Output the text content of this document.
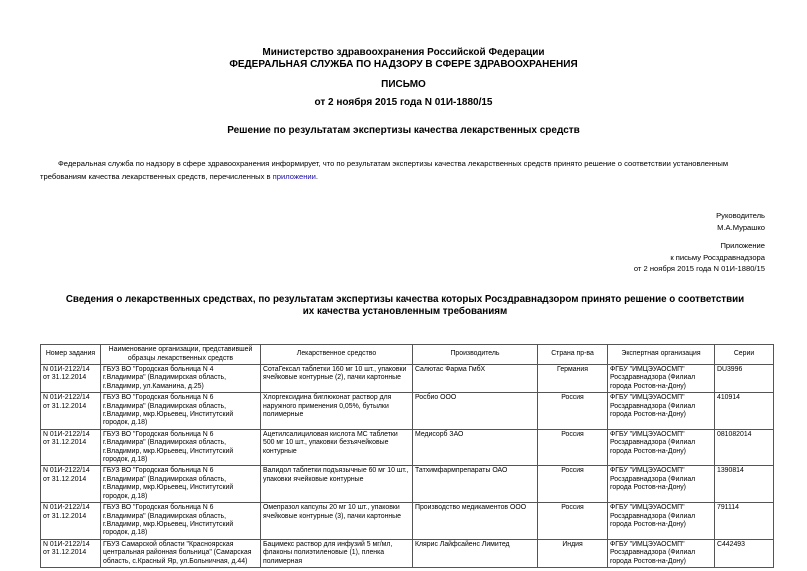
Министерство здравоохранения Российской Федерации
ФЕДЕРАЛЬНАЯ СЛУЖБА ПО НАДЗОРУ В СФЕРЕ ЗДРАВООХРАНЕНИЯ
ПИСЬМО
от 2 ноября 2015 года N 01И-1880/15
Решение по результатам экспертизы качества лекарственных средств
Федеральная служба по надзору в сфере здравоохранения информирует, что по результатам экспертизы качества лекарственных средств принято решение о соответствии установленным требованиям качества лекарственных средств, перечисленных в приложении.
Руководитель
М.А.Мурашко
Приложение
к письму Росздравнадзора
от 2 ноября 2015 года N 01И-1880/15
Сведения о лекарственных средствах, по результатам экспертизы качества которых Росздравнадзором принято решение о соответствии их качества установленным требованиям
Номер задания	Наименование организации, представившей образцы лекарственных средств	Лекарственное средство	Производитель	Страна пр-ва	Экспертная организация	Серии
N 01И-2122/14 от 31.12.2014	ГБУЗ ВО "Городская больница N 4 г.Владимира" (Владимирская область, г.Владимир, ул.Каманина, д.25)	СотаГексал таблетки 160 мг 10 шт., упаковки ячейковые контурные (2), пачки картонные	Салютас Фарма ГмбХ	Германия	ФГБУ "ИМЦЭУАОСМП" Росздравнадзора (Филиал города Ростов-на-Дону)	DU3996
N 01И-2122/14 от 31.12.2014	ГБУЗ ВО "Городская больница N 6 г.Владимира" (Владимирская область, г.Владимир, мкр.Юрьевец, Институтский городок, д.18)	Хлоргексидина биглюконат раствор для наружного применения 0,05%, бутылки полимерные	Росбио ООО	Россия	ФГБУ "ИМЦЭУАОСМП" Росздравнадзора (Филиал города Ростов-на-Дону)	410914
N 01И-2122/14 от 31.12.2014	ГБУЗ ВО "Городская больница N 6 г.Владимира" (Владимирская область, г.Владимир, мкр.Юрьевец, Институтский городок, д.18)	Ацетилсалициловая кислота МС таблетки 500 мг 10 шт., упаковки безъячейковые контурные	Медисорб ЗАО	Россия	ФГБУ "ИМЦЭУАОСМП" Росздравнадзора (Филиал города Ростов-на-Дону)	081082014
N 01И-2122/14 от 31.12.2014	ГБУЗ ВО "Городская больница N 6 г.Владимира" (Владимирская область, г.Владимир, мкр.Юрьевец, Институтский городок, д.18)	Валидол таблетки подъязычные 60 мг 10 шт., упаковки ячейковые контурные	Татхимфармпрепараты ОАО	Россия	ФГБУ "ИМЦЭУАОСМП" Росздравнадзора (Филиал города Ростов-на-Дону)	1390814
N 01И-2122/14 от 31.12.2014	ГБУЗ ВО "Городская больница N 6 г.Владимира" (Владимирская область, г.Владимир, мкр.Юрьевец, Институтский городок, д.18)	Омепразол капсулы 20 мг 10 шт., упаковки ячейковые контурные (3), пачки картонные	Производство медикаментов ООО	Россия	ФГБУ "ИМЦЭУАОСМП" Росздравнадзора (Филиал города Ростов-на-Дону)	791114
N 01И-2122/14 от 31.12.2014	ГБУЗ Самарской области "Красноярская центральная районная больница" (Самарская область, с.Красный Яр, ул.Больничная, д.44)	Бацимекс раствор для инфузий 5 мг/мл, флаконы полиэтиленовые (1), пленка полимерная	Клярис Лайфсайенс Лимитед	Индия	ФГБУ "ИМЦЭУАОСМП" Росздравнадзора (Филиал города Ростов-на-Дону)	C442493
